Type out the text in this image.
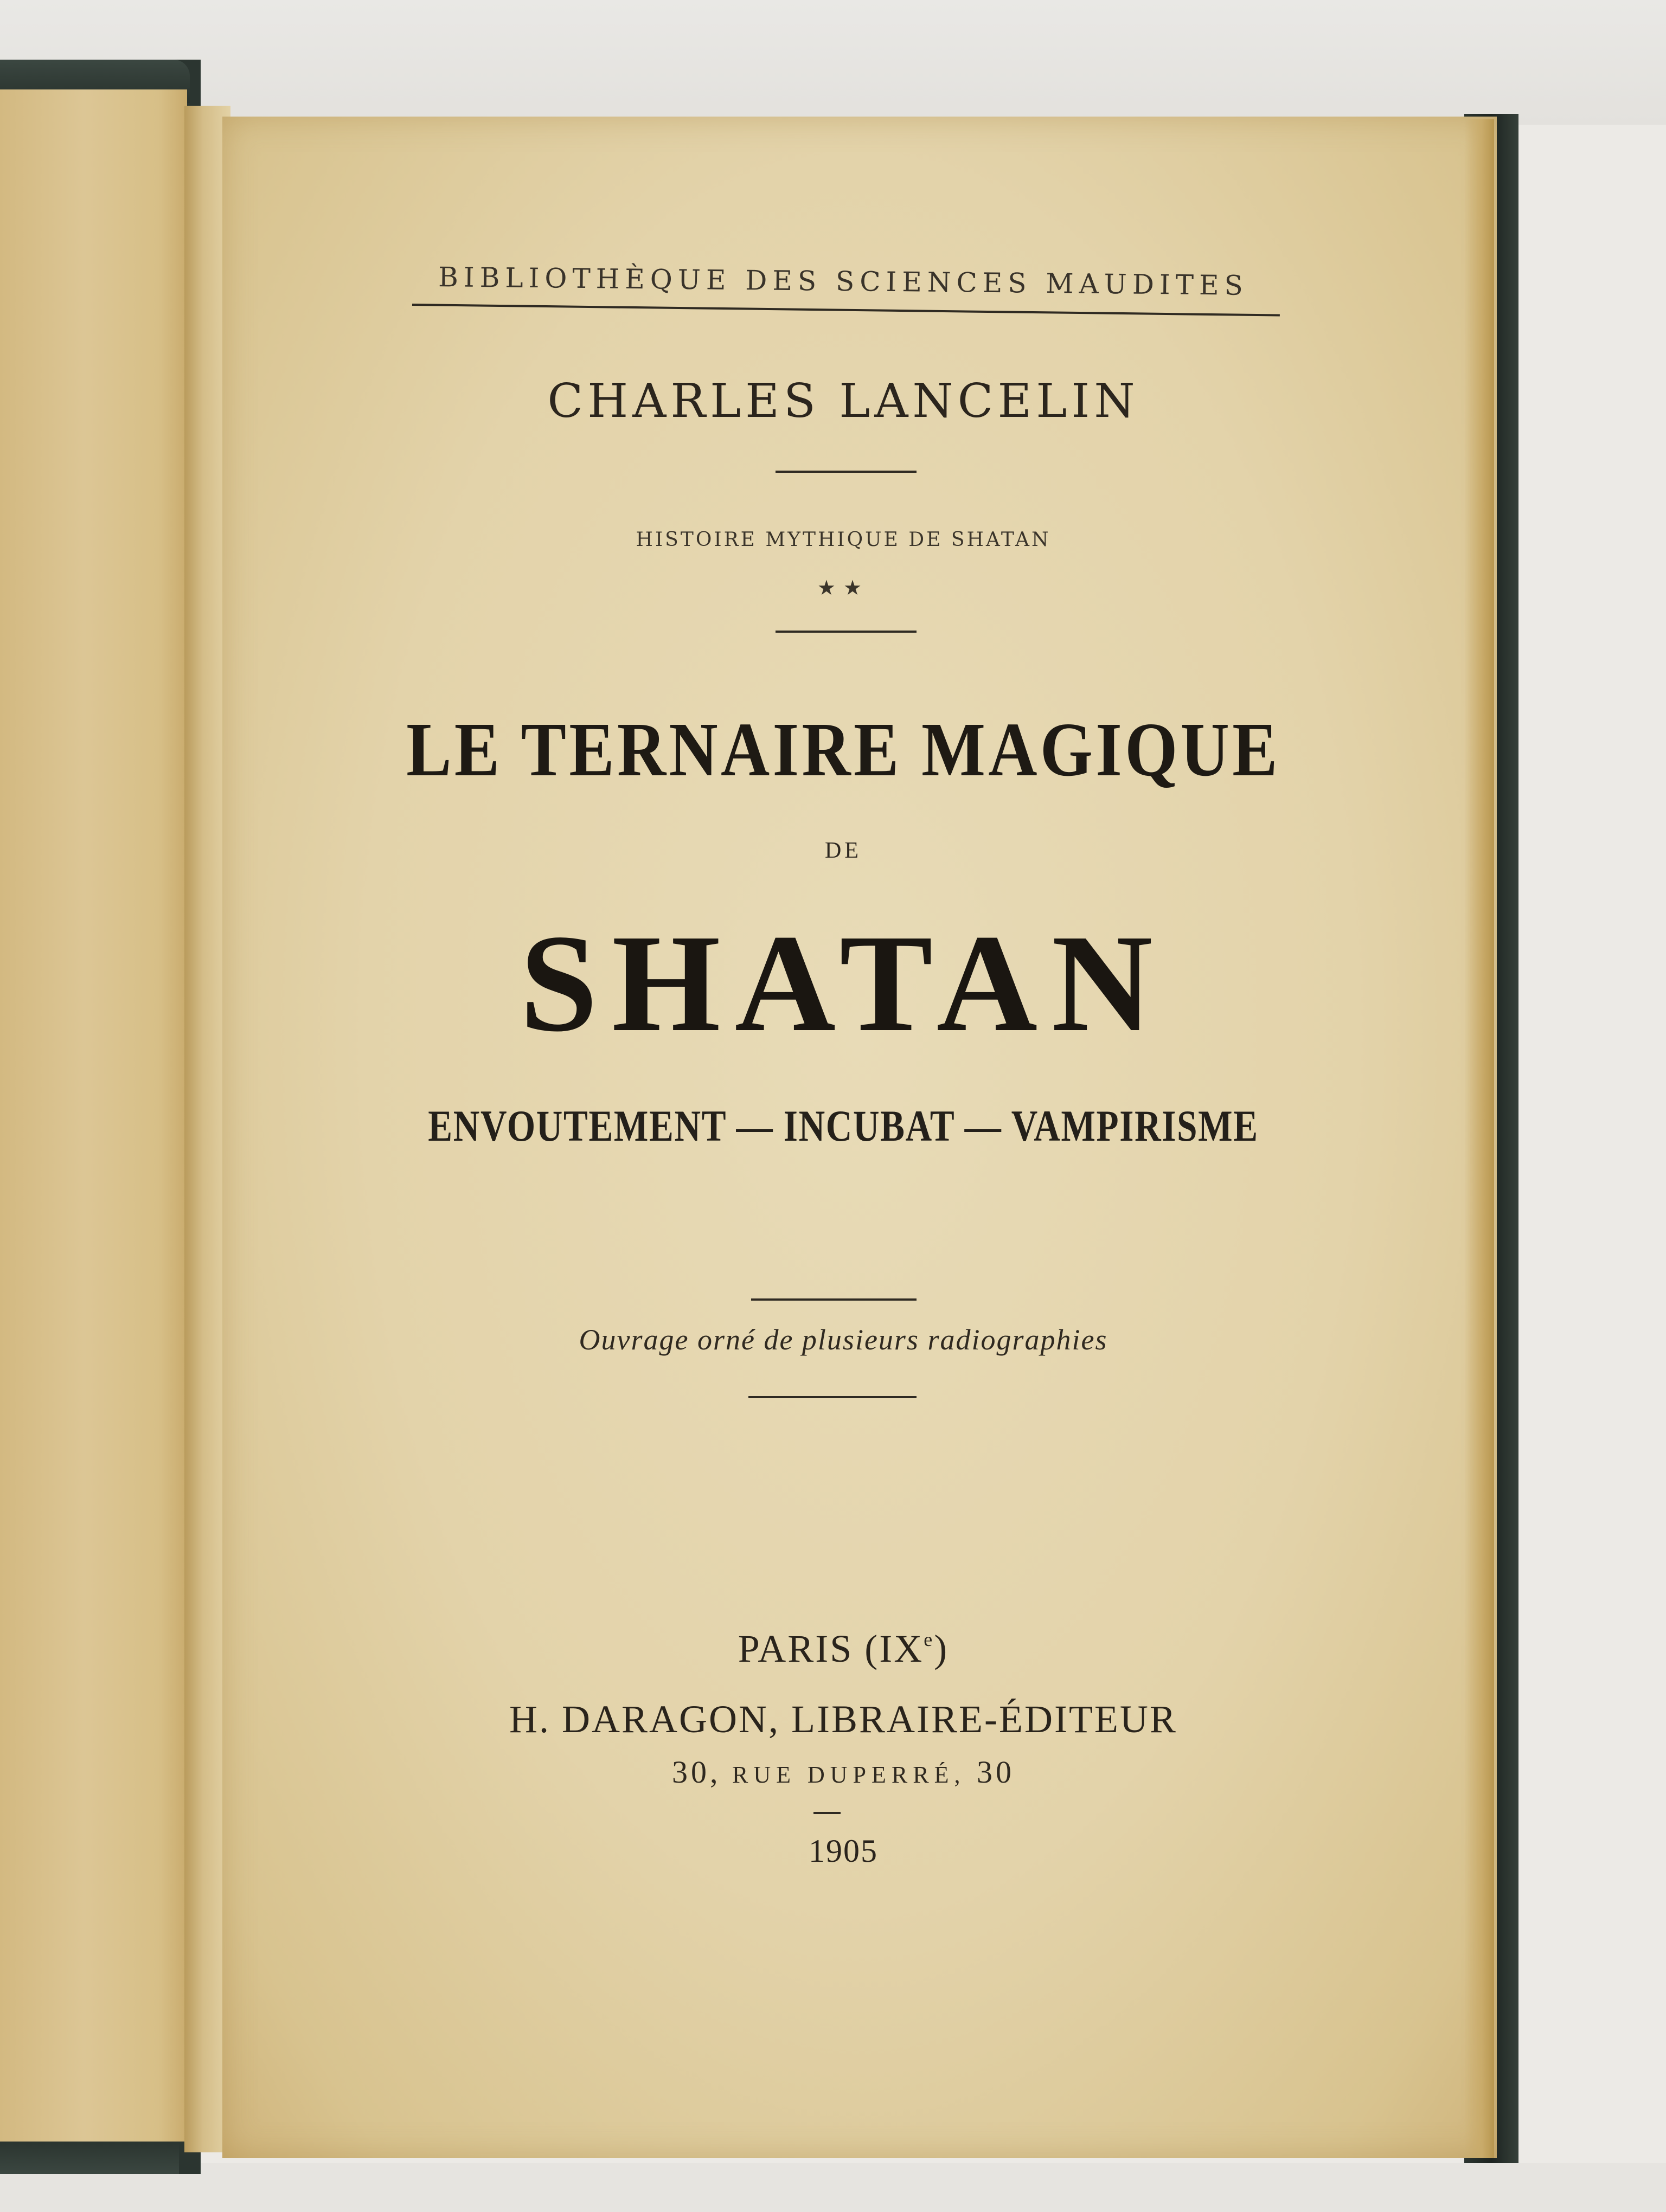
BIBLIOTHÈQUE DES SCIENCES MAUDITES
CHARLES LANCELIN
HISTOIRE MYTHIQUE DE SHATAN
★★
LE TERNAIRE MAGIQUE
DE
SHATAN
ENVOUTEMENT — INCUBAT — VAMPIRISME
Ouvrage orné de plusieurs radiographies
PARIS (IXe)
H. DARAGON, LIBRAIRE-ÉDITEUR
30, RUE DUPERRÉ, 30
1905
